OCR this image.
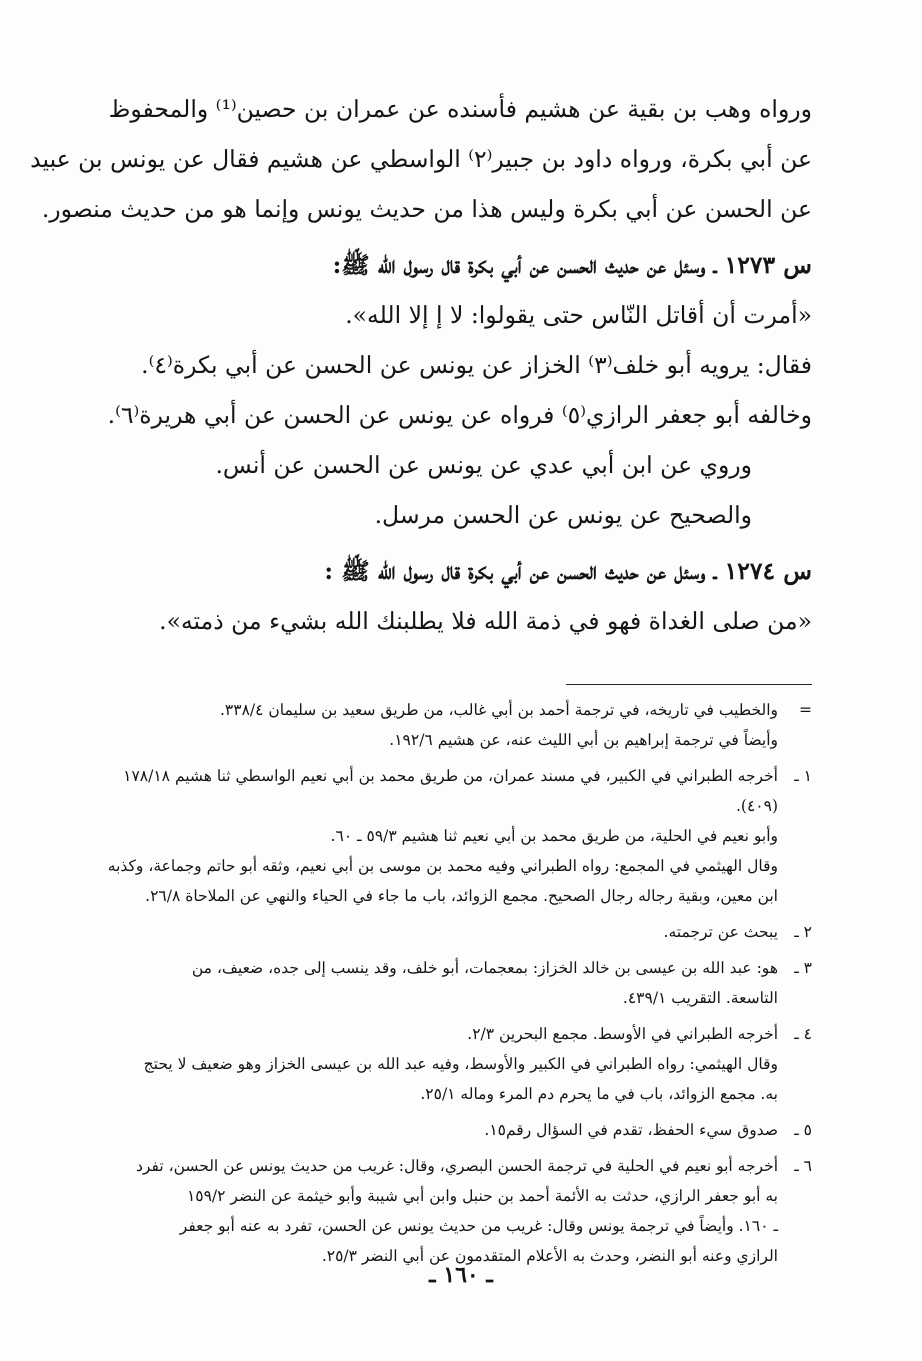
ورواه وهب بن بقية عن هشيم فأسنده عن عمران بن حصين⁽¹⁾ والمحفوظ

عن أبي بكرة، ورواه داود بن جبير⁽٢⁾ الواسطي عن هشيم فقال عن يونس بن عبيد

عن الحسن عن أبي بكرة وليس هذا من حديث يونس وإنما هو من حديث منصور.

س ١٢٧٣ ـ وسئل عن حديث الحسن عن أبي بكرة قال رسول الله ﷺ:

«أمرت أن أقاتل النّاس حتى يقولوا: لا إ إلا الله».

فقال: يرويه أبو خلف⁽٣⁾ الخزاز عن يونس عن الحسن عن أبي بكرة⁽٤⁾.

وخالفه أبو جعفر الرازي⁽٥⁾ فرواه عن يونس عن الحسن عن أبي هريرة⁽٦⁾.

وروي عن ابن أبي عدي عن يونس عن الحسن عن أنس.

والصحيح عن يونس عن الحسن مرسل.

س ١٢٧٤ ـ وسئل عن حديث الحسن عن أبي بكرة قال رسول الله ﷺ :

«من صلى الغداة فهو في ذمة الله فلا يطلبنك الله بشيء من ذمته».

=
والخطيب في تاريخه، في ترجمة أحمد بن أبي غالب، من طريق سعيد بن سليمان ٣٣٨/٤.
وأيضاً في ترجمة إبراهيم بن أبي الليث عنه، عن هشيم ١٩٢/٦.
١ ـ
أخرجه الطبراني في الكبير، في مسند عمران، من طريق محمد بن أبي نعيم الواسطي ثنا هشيم ١٧٨/١٨
(٤٠٩).
وأبو نعيم في الحلية، من طريق محمد بن أبي نعيم ثنا هشيم ٥٩/٣ ـ ٦٠.
وقال الهيثمي في المجمع: رواه الطبراني وفيه محمد بن موسى بن أبي نعيم، وثقه أبو حاتم وجماعة، وكذبه
ابن معين، وبقية رجاله رجال الصحيح. مجمع الزوائد، باب ما جاء في الحياء والنهي عن الملاحاة ٢٦/٨.
٢ ـ
يبحث عن ترجمته.
٣ ـ
هو: عبد الله بن عيسى بن خالد الخزاز: بمعجمات، أبو خلف، وقد ينسب إلى جده، ضعيف، من
التاسعة. التقريب ٤٣٩/١.
٤ ـ
أخرجه الطبراني في الأوسط. مجمع البحرين ٢/٣.
وقال الهيثمي: رواه الطبراني في الكبير والأوسط، وفيه عبد الله بن عيسى الخزاز وهو ضعيف لا يحتج
به. مجمع الزوائد، باب في ما يحرم دم المرء وماله ٢٥/١.
٥ ـ
صدوق سيء الحفظ، تقدم في السؤال رقم١٥.
٦ ـ
أخرجه أبو نعيم في الحلية في ترجمة الحسن البصري، وقال: غريب من حديث يونس عن الحسن، تفرد
به أبو جعفر الرازي، حدثت به الأئمة أحمد بن حنبل وابن أبي شيبة وأبو خيثمة عن النضر ١٥٩/٢
ـ ١٦٠. وأيضاً في ترجمة يونس وقال: غريب من حديث يونس عن الحسن، تفرد به عنه أبو جعفر
الرازي وعنه أبو النضر، وحدث به الأعلام المتقدمون عن أبي النضر ٢٥/٣.
ـ ١٦٠ ـ
